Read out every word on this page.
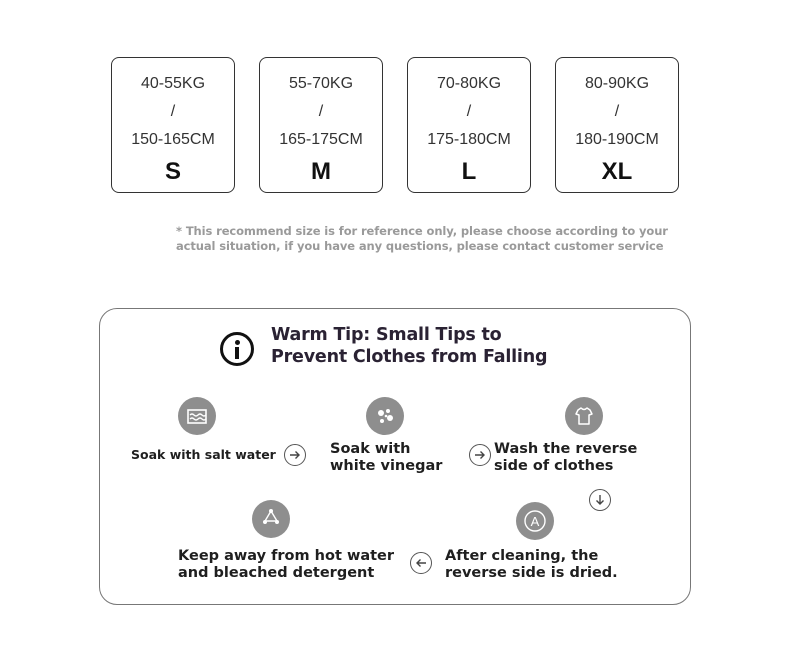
40-55KG
/
150-165CM
S
55-70KG
/
165-175CM
M
70-80KG
/
175-180CM
L
80-90KG
/
180-190CM
XL
* This recommend size is for reference only, please choose according to your actual situation, if you have any questions, please contact customer service
Warm Tip: Small Tips to
Prevent Clothes from Falling
Soak with salt water	Soak with
white vinegar
Wash the reverse
side of clothes
A
After cleaning, the
reverse side is dried.
Keep away from hot water
and bleached detergent
